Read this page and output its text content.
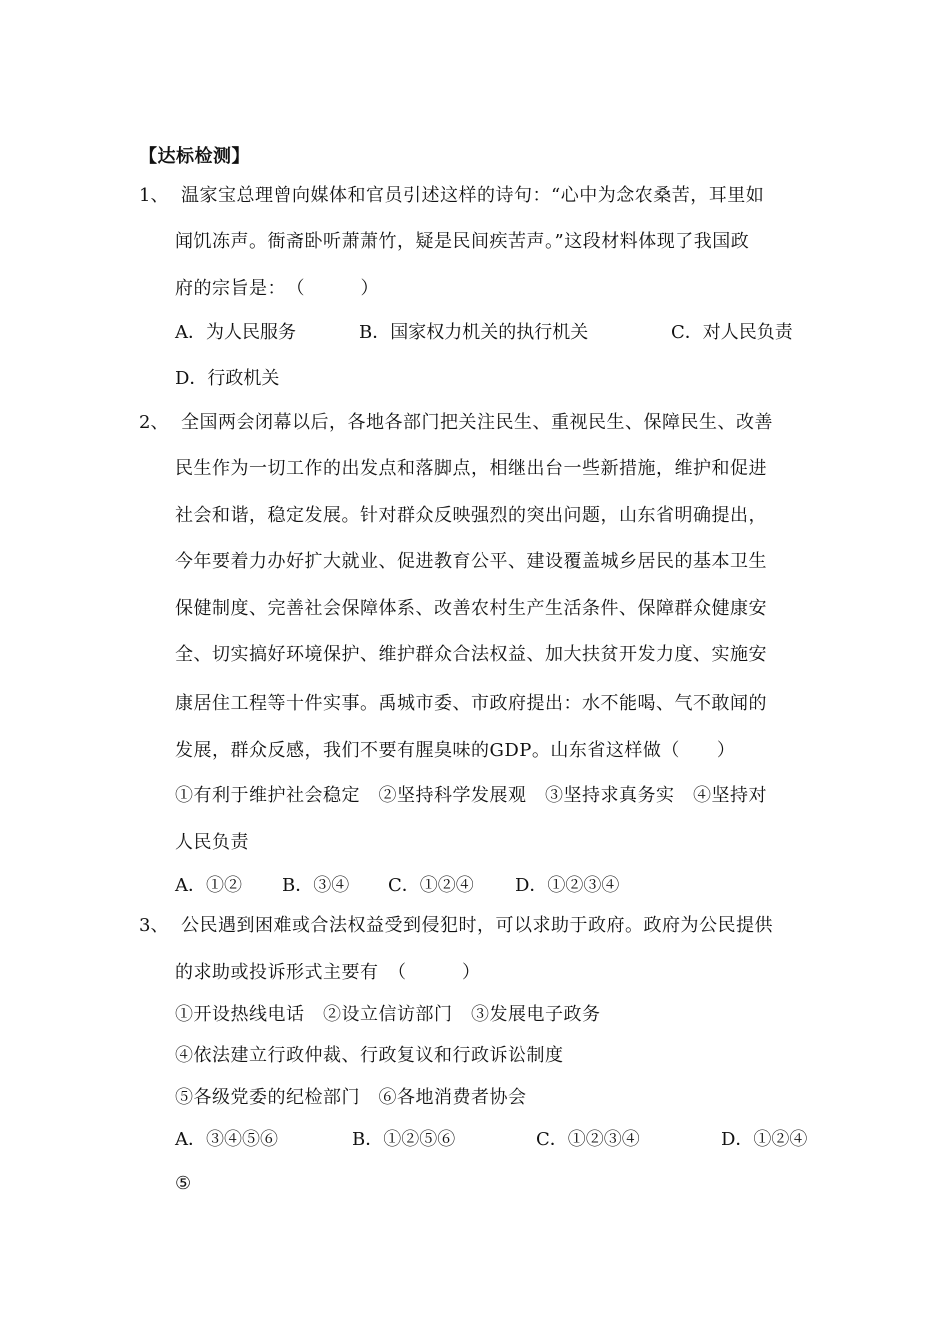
【达标检测】
1、 温家宝总理曾向媒体和官员引述这样的诗句：“心中为念农桑苦，耳里如
闻饥冻声。衙斋卧听萧萧竹，疑是民间疾苦声。”这段材料体现了我国政
府的宗旨是：　（　　　）
A．为人民服务	B．国家权力机关的执行机关	C．对人民负责
D．行政机关
2、 全国两会闭幕以后，各地各部门把关注民生、重视民生、保障民生、改善
民生作为一切工作的出发点和落脚点，相继出台一些新措施，维护和促进
社会和谐，稳定发展。针对群众反映强烈的突出问题，山东省明确提出，
今年要着力办好扩大就业、促进教育公平、建设覆盖城乡居民的基本卫生
保健制度、完善社会保障体系、改善农村生产生活条件、保障群众健康安
全、切实搞好环境保护、维护群众合法权益、加大扶贫开发力度、实施安
康居住工程等十件实事。禹城市委、市政府提出：水不能喝、气不敢闻的
发展，群众反感，我们不要有腥臭味的GDP。山东省这样做（　　）
①有利于维护社会稳定　②坚持科学发展观　③坚持求真务实　④坚持对
人民负责
A．①② B．③④ C．①②④ D．①②③④
3、 公民遇到困难或合法权益受到侵犯时，可以求助于政府。政府为公民提供
的求助或投诉形式主要有　（　　　）
①开设热线电话　②设立信访部门　③发展电子政务
④依法建立行政仲裁、行政复议和行政诉讼制度
⑤各级党委的纪检部门　⑥各地消费者协会
A．③④⑤⑥	B．①②⑤⑥	C．①②③④	D．①②④
⑤
